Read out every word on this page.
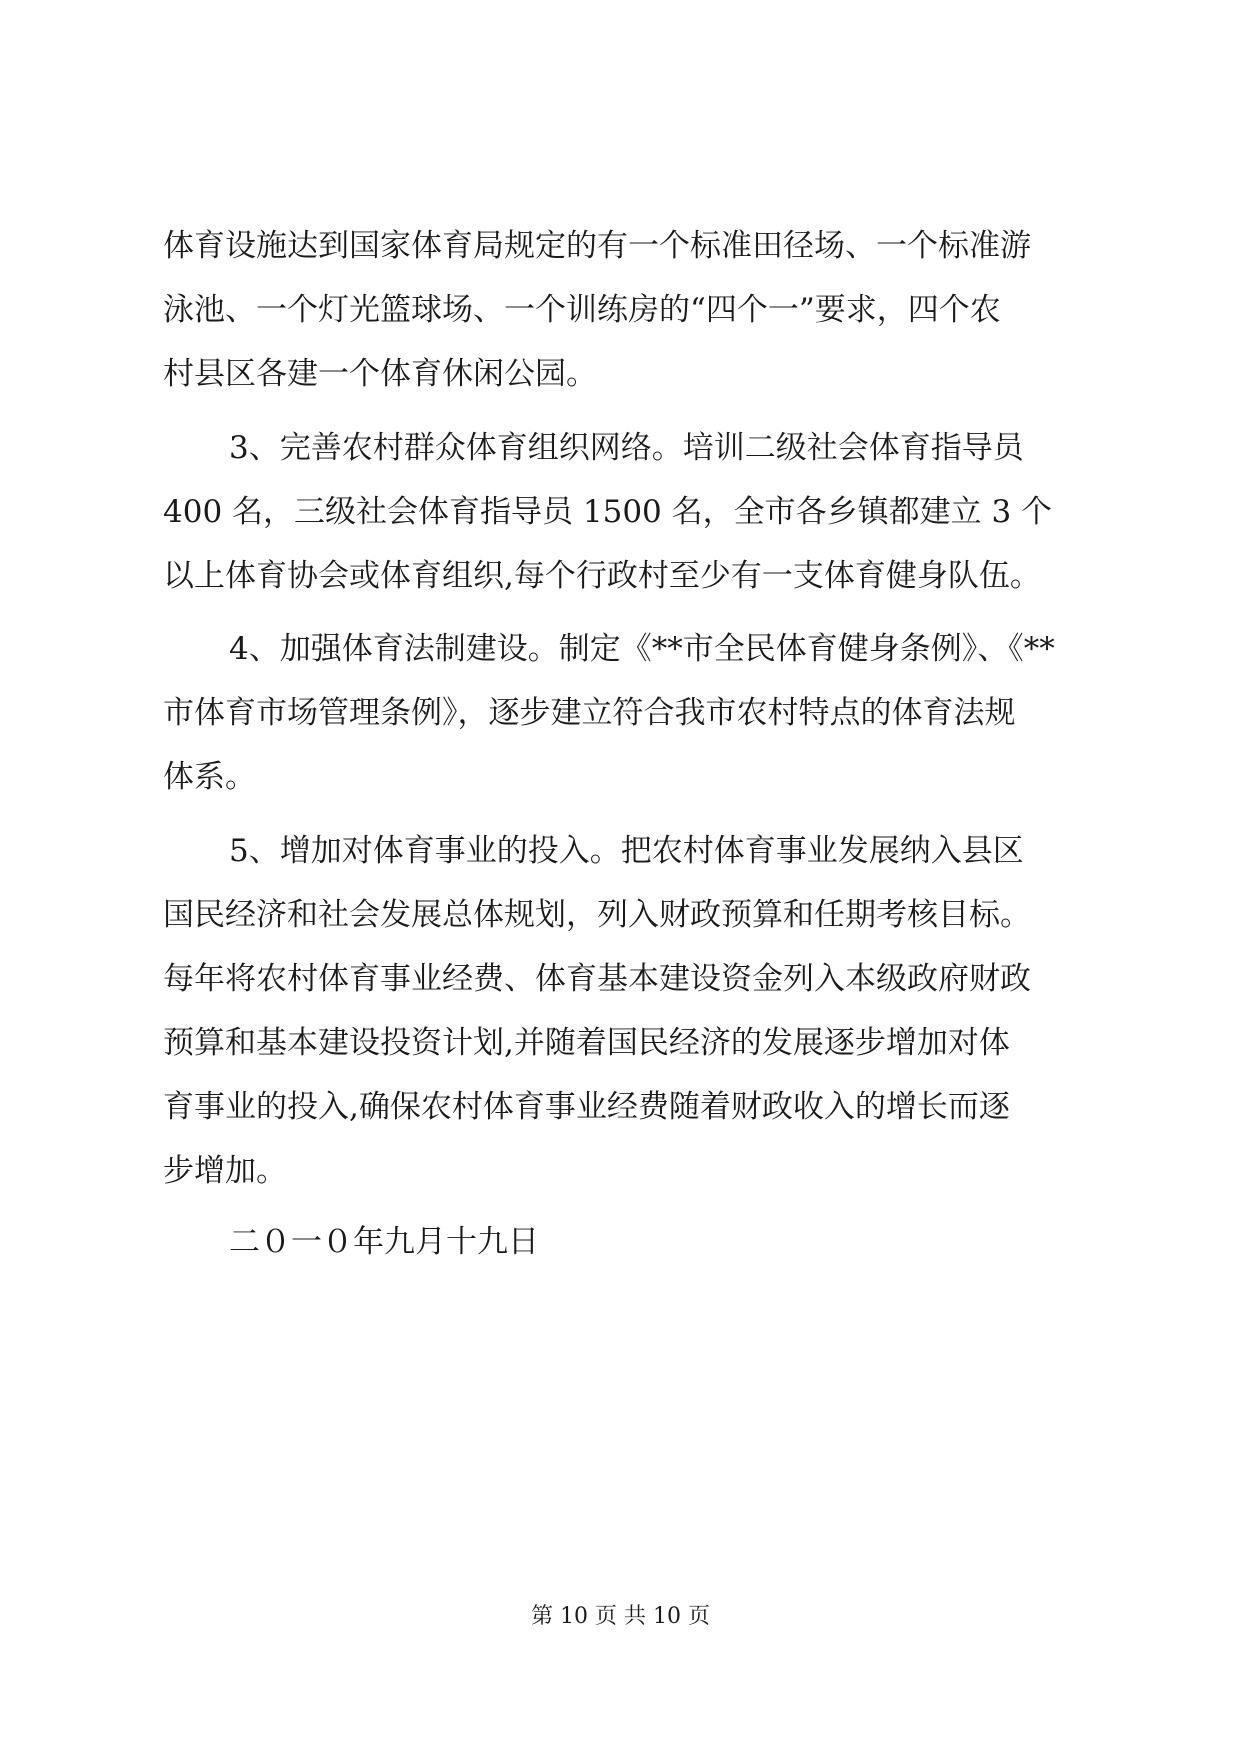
体育设施达到国家体育局规定的有一个标准田径场、一个标准游
泳池、一个灯光篮球场、一个训练房的“四个一”要求，四个农
村县区各建一个体育休闲公园。
3、完善农村群众体育组织网络。培训二级社会体育指导员
400 名，三级社会体育指导员 1500 名，全市各乡镇都建立 3 个
以上体育协会或体育组织,每个行政村至少有一支体育健身队伍。
4、加强体育法制建设。制定《**市全民体育健身条例》、《**
市体育市场管理条例》，逐步建立符合我市农村特点的体育法规
体系。
5、增加对体育事业的投入。把农村体育事业发展纳入县区
国民经济和社会发展总体规划，列入财政预算和任期考核目标。
每年将农村体育事业经费、体育基本建设资金列入本级政府财政
预算和基本建设投资计划,并随着国民经济的发展逐步增加对体
育事业的投入,确保农村体育事业经费随着财政收入的增长而逐
步增加。
二０一０年九月十九日
第 10 页 共 10 页
